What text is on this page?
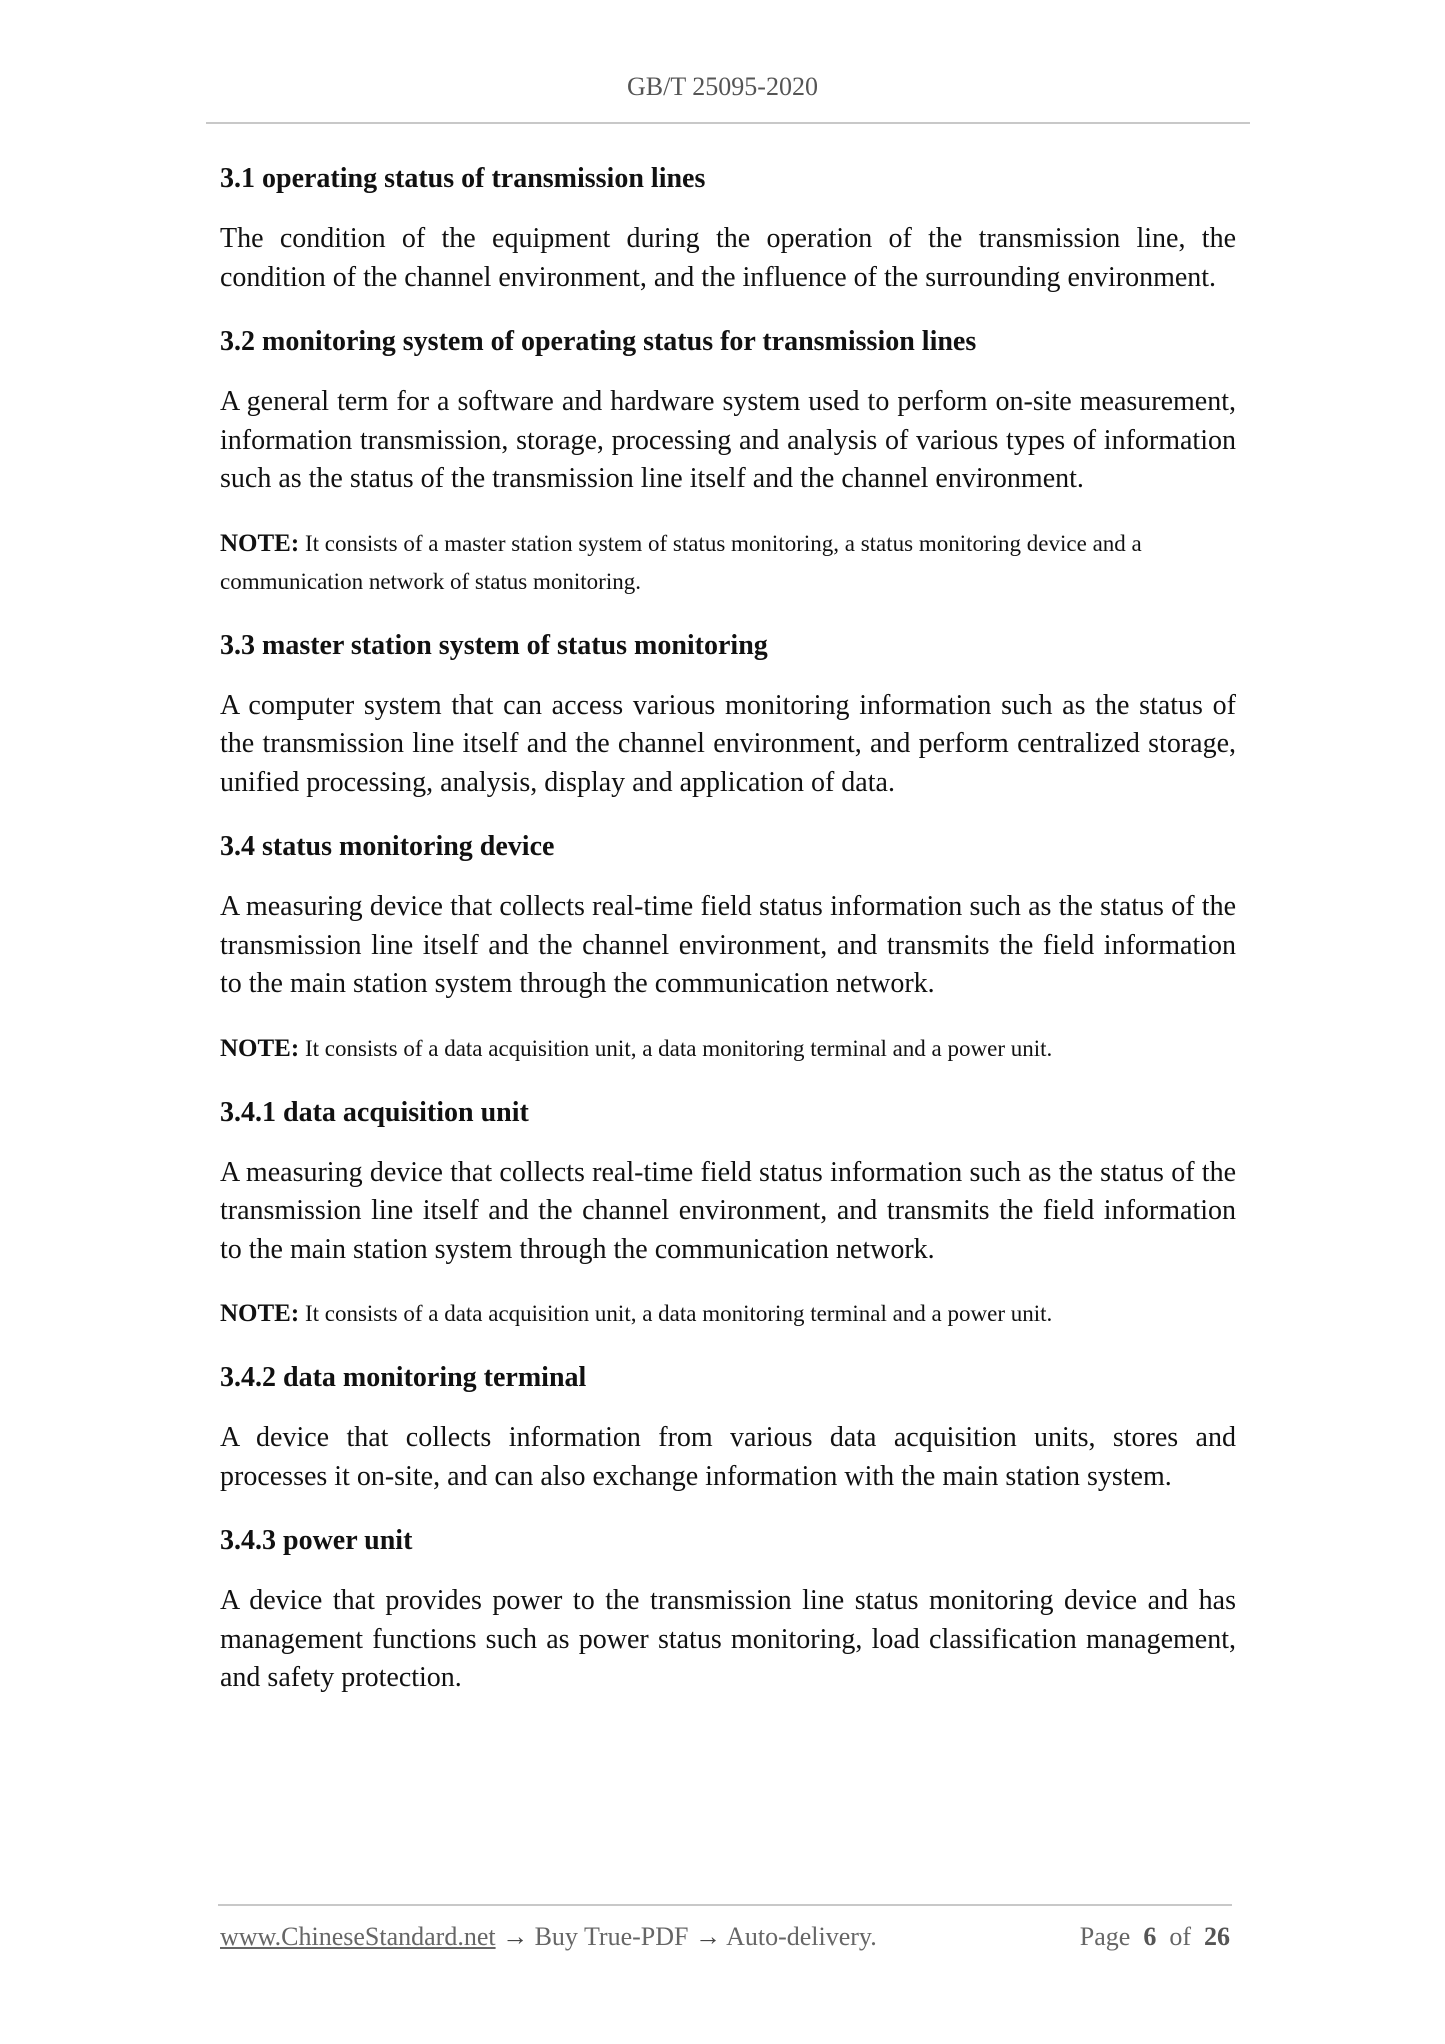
GB/T 25095-2020
3.1 operating status of transmission lines

The condition of the equipment during the operation of the transmission line, the condition of the channel environment, and the influence of the surrounding environment.

3.2 monitoring system of operating status for transmission lines

A general term for a software and hardware system used to perform on-site measurement, information transmission, storage, processing and analysis of various types of information such as the status of the transmission line itself and the channel environment.

NOTE: It consists of a master station system of status monitoring, a status monitoring device and a communication network of status monitoring.

3.3 master station system of status monitoring

A computer system that can access various monitoring information such as the status of the transmission line itself and the channel environment, and perform centralized storage, unified processing, analysis, display and application of data.

3.4 status monitoring device

A measuring device that collects real-time field status information such as the status of the transmission line itself and the channel environment, and transmits the field information to the main station system through the communication network.

NOTE: It consists of a data acquisition unit, a data monitoring terminal and a power unit.

3.4.1 data acquisition unit

A measuring device that collects real-time field status information such as the status of the transmission line itself and the channel environment, and transmits the field information to the main station system through the communication network.

NOTE: It consists of a data acquisition unit, a data monitoring terminal and a power unit.

3.4.2 data monitoring terminal

A device that collects information from various data acquisition units, stores and processes it on-site, and can also exchange information with the main station system.

3.4.3 power unit

A device that provides power to the transmission line status monitoring device and has management functions such as power status monitoring, load classification management, and safety protection.

www.ChineseStandard.net → Buy True-PDF → Auto-delivery.	Page 6 of 26
